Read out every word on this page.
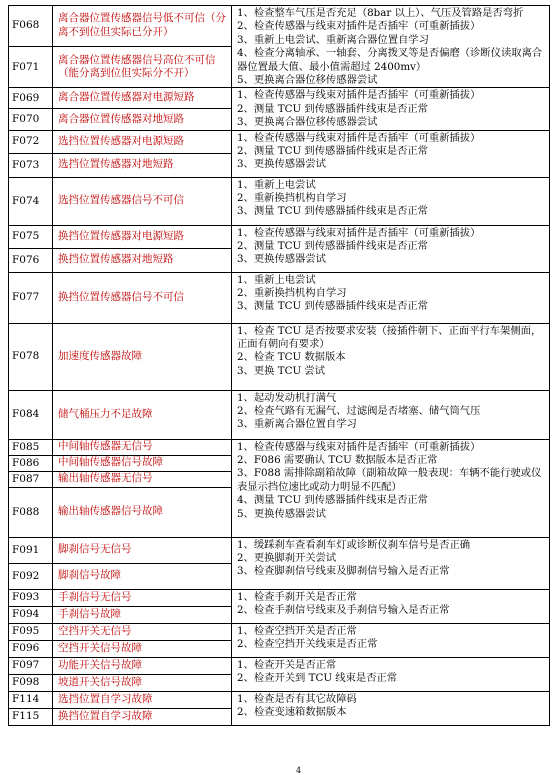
F068	离合器位置传感器信号低不可信（分离不到位但实际已分开）	1、检查整车气压是否充足（8bar 以上）、气压及管路是否弯折
2、检查传感器与线束对插件是否插牢（可重新插拔）
3、重新上电尝试、重新离合器位置自学习
4、检查分离轴承、一轴套、分离拨叉等是否偏磨（诊断仪读取离合器位置最大值、最小值需超过 2400mv）
5、更换离合器位移传感器尝试

F071	离合器位置传感器信号高位不可信 （能分离到位但实际分不开）	
F069	离合器位置传感器对电源短路	1、检查传感器与线束对插件是否插牢（可重新插拔）
2、测量 TCU 到传感器插件线束是否正常
3、更换离合器位移传感器尝试

F070	离合器位置传感器对地短路	
F072	选挡位置传感器对电源短路	1、检查传感器与线束对插件是否插牢（可重新插拔）
2、测量 TCU 到传感器插件线束是否正常
3、更换传感器尝试

F073	选挡位置传感器对地短路	
F074	选挡位置传感器信号不可信	1、重新上电尝试
2、重新换挡机构自学习
3、测量 TCU 到传感器插件线束是否正常

F075	换挡位置传感器对电源短路	1、检查传感器与线束对插件是否插牢（可重新插拔）
2、测量 TCU 到传感器插件线束是否正常
3、更换传感器尝试

F076	换挡位置传感器对地短路	
F077	换挡位置传感器信号不可信	1、重新上电尝试
2、重新换挡机构自学习
3、测量 TCU 到传感器插件线束是否正常

F078	加速度传感器故障	1、检查 TCU 是否按要求安装（接插件朝下、正面平行车架侧面，正面有朝向有要求）
2、检查 TCU 数据版本
3、更换 TCU 尝试

F084	储气桶压力不足故障	1、起动发动机打满气
2、检查气路有无漏气、过滤阀是否堵塞、储气筒气压
3、重新离合器位置自学习

F085	中间轴传感器无信号	1、检查传感器与线束对插件是否插牢（可重新插拔）
2、F086 需要确认 TCU 数据版本是否正常
3、F088 需排除副箱故障（副箱故障一般表现：车辆不能行驶或仪表显示挡位速比或动力明显不匹配）
4、测量 TCU 到传感器插件线束是否正常
5、更换传感器尝试

F086	中间轴传感器信号故障	
F087	输出轴传感器无信号	
F088	输出轴传感器信号故障	
F091	脚刹信号无信号	1、缓踩刹车查看刹车灯或诊断仪刹车信号是否正确
2、更换脚刹开关尝试
3、检查脚刹信号线束及脚刹信号输入是否正常

F092	脚刹信号故障	
F093	手刹信号无信号	1、检查手刹开关是否正常
2、检查手刹信号线束及手刹信号输入是否正常

F094	手刹信号故障	
F095	空挡开关无信号	1、检查空挡开关是否正常
2、检查空挡开关线束是否正常

F096	空挡开关信号故障	
F097	功能开关信号故障	1、检查开关是否正常
2、检查开关到 TCU 线束是否正常

F098	坡道开关信号故障	
F114	选挡位置自学习故障	1、检查是否有其它故障码
2、检查变速箱数据版本

F115	换挡位置自学习故障	
4
